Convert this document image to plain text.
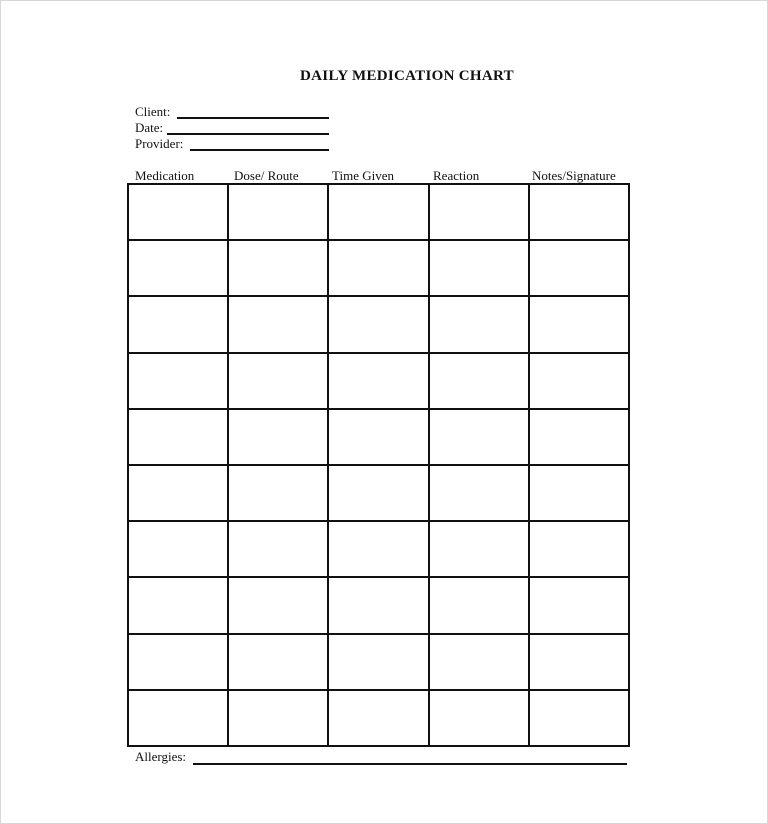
DAILY MEDICATION CHART
Client:
Date:
Provider:
Medication	Dose/ Route	Time Given	Reaction	Notes/Signature

Allergies:
